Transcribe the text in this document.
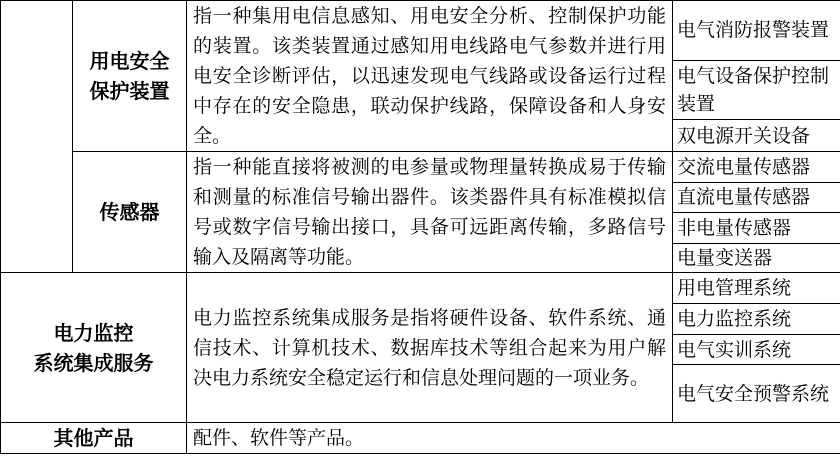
	用电安全保护装置	指一种集用电信息感知、用电安全分析、控制保护功能的装置。该类装置通过感知用电线路电气参数并进行用电安全诊断评估，以迅速发现电气线路或设备运行过程中存在的安全隐患，联动保护线路，保障设备和人身安全。	电气消防报警装置
			电气设备保护控制装置
			双电源开关设备
	传感器	指一种能直接将被测的电参量或物理量转换成易于传输和测量的标准信号输出器件。该类器件具有标准模拟信号或数字信号输出接口，具备可远距离传输，多路信号输入及隔离等功能。	交流电量传感器
			直流电量传感器
			非电量传感器
			电量变送器

电力监控
系统集成服务		电力监控系统集成服务是指将硬件设备、软件系统、通信技术、计算机技术、数据库技术等组合起来为用户解决电力系统安全稳定运行和信息处理问题的一项业务。	用电管理系统
			电力监控系统
			电气实训系统
			电气安全预警系统
其他产品		配件、软件等产品。	
